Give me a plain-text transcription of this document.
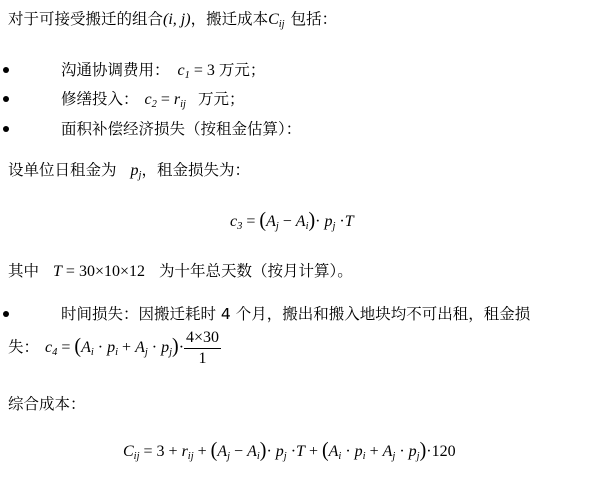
对于可接受搬迁的组合(i, j)，搬迁成本$C_{ij}$ 包括：
沟通协调费用： $c_1 = 3$ 万元；
修缮投入： $c_2 = r_{ij}$ 万元；
面积补偿经济损失（按租金估算）：
设单位日租金为 $p_j$，租金损失为：
$c_3 = (A_j - A_i)\cdot p_j \cdot T$
其中 T = 30×10×12 为十年总天数（按月计算）。
时间损失：因搬迁耗时 4 个月，搬出和搬入地块均不可出租，租金损
失： $c_4 = (A_i \cdot p_i + A_j \cdot p_j)\cdot \frac{4\times 30}{1}$
综合成本：
$C_{ij} = 3 + r_{ij} + (A_j - A_i)\cdot p_j \cdot T + (A_i \cdot p_i + A_j \cdot p_j)\cdot 120$
